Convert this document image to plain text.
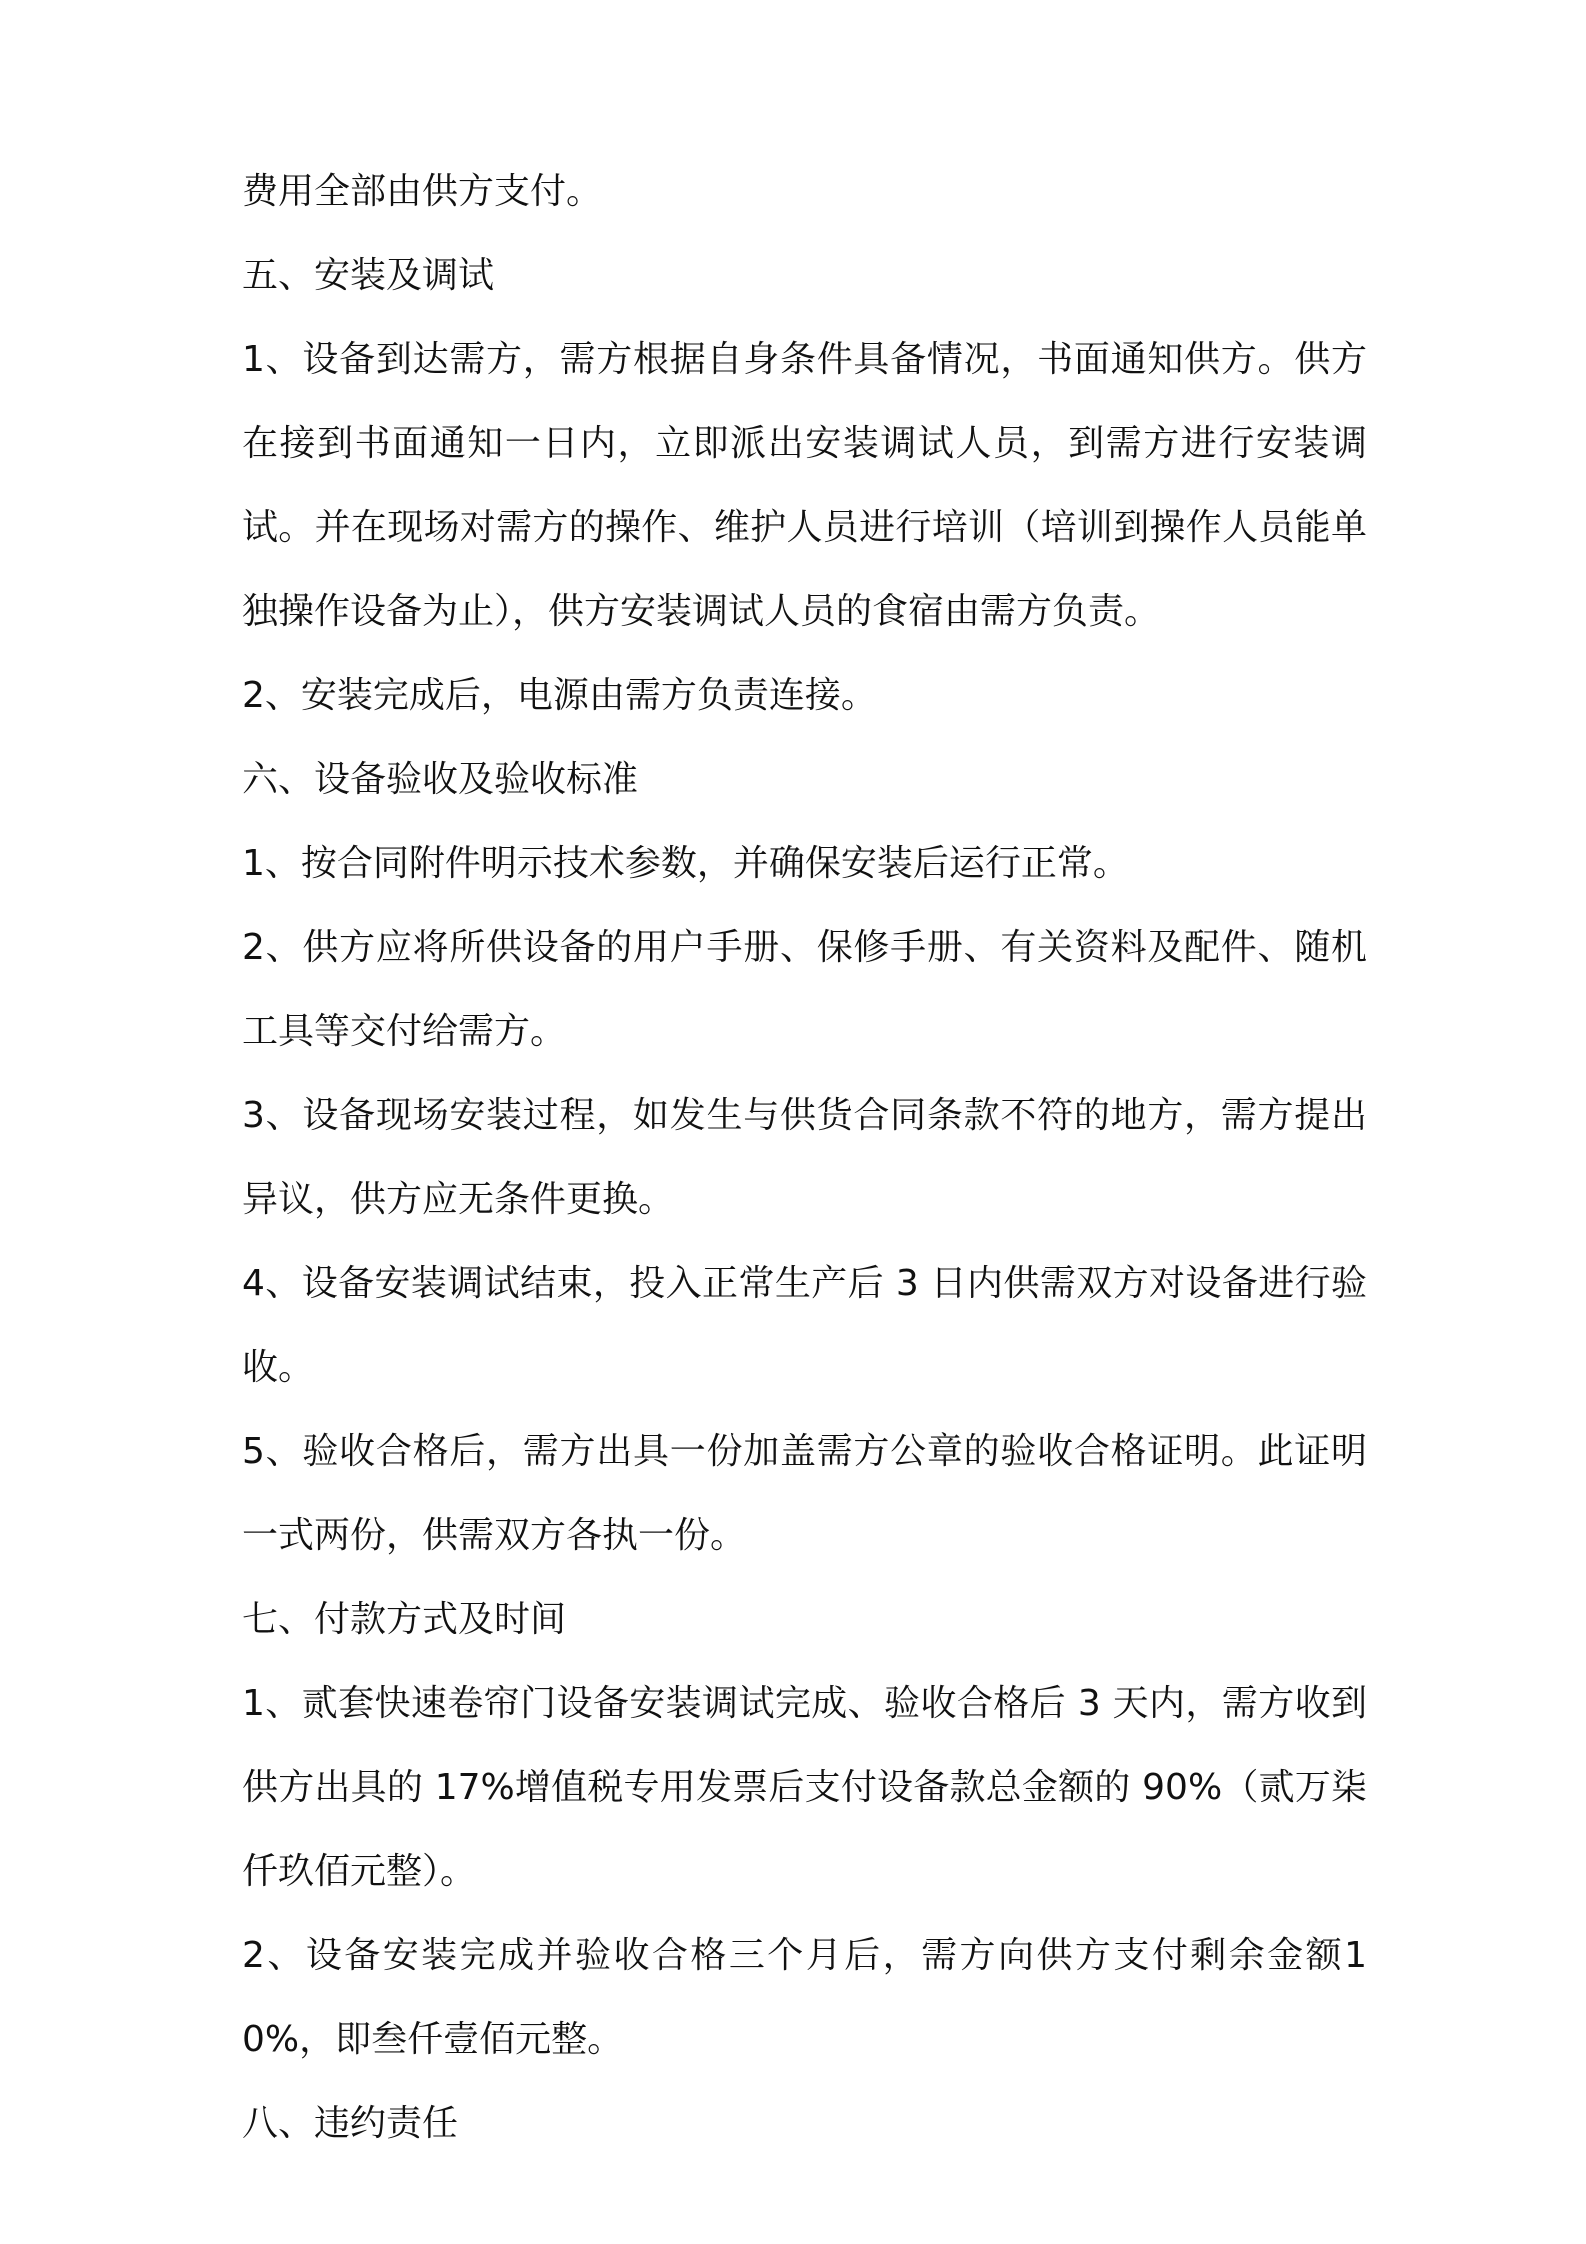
费用全部由供方支付。

五、安装及调试

1、设备到达需方，需方根据自身条件具备情况，书面通知供方。供方在接到书面通知一日内，立即派出安装调试人员，到需方进行安装调试。并在现场对需方的操作、维护人员进行培训（培训到操作人员能单独操作设备为止），供方安装调试人员的食宿由需方负责。

2、安装完成后，电源由需方负责连接。

六、设备验收及验收标准

1、按合同附件明示技术参数，并确保安装后运行正常。

2、供方应将所供设备的用户手册、保修手册、有关资料及配件、随机工具等交付给需方。

3、设备现场安装过程，如发生与供货合同条款不符的地方，需方提出异议，供方应无条件更换。

4、设备安装调试结束，投入正常生产后 3 日内供需双方对设备进行验收。

5、验收合格后，需方出具一份加盖需方公章的验收合格证明。此证明一式两份，供需双方各执一份。

七、付款方式及时间

1、贰套快速卷帘门设备安装调试完成、验收合格后 3 天内，需方收到供方出具的 17%增值税专用发票后支付设备款总金额的 90%（贰万柒仟玖佰元整）。

2、设备安装完成并验收合格三个月后，需方向供方支付剩余金额10%，即叁仟壹佰元整。

八、违约责任
